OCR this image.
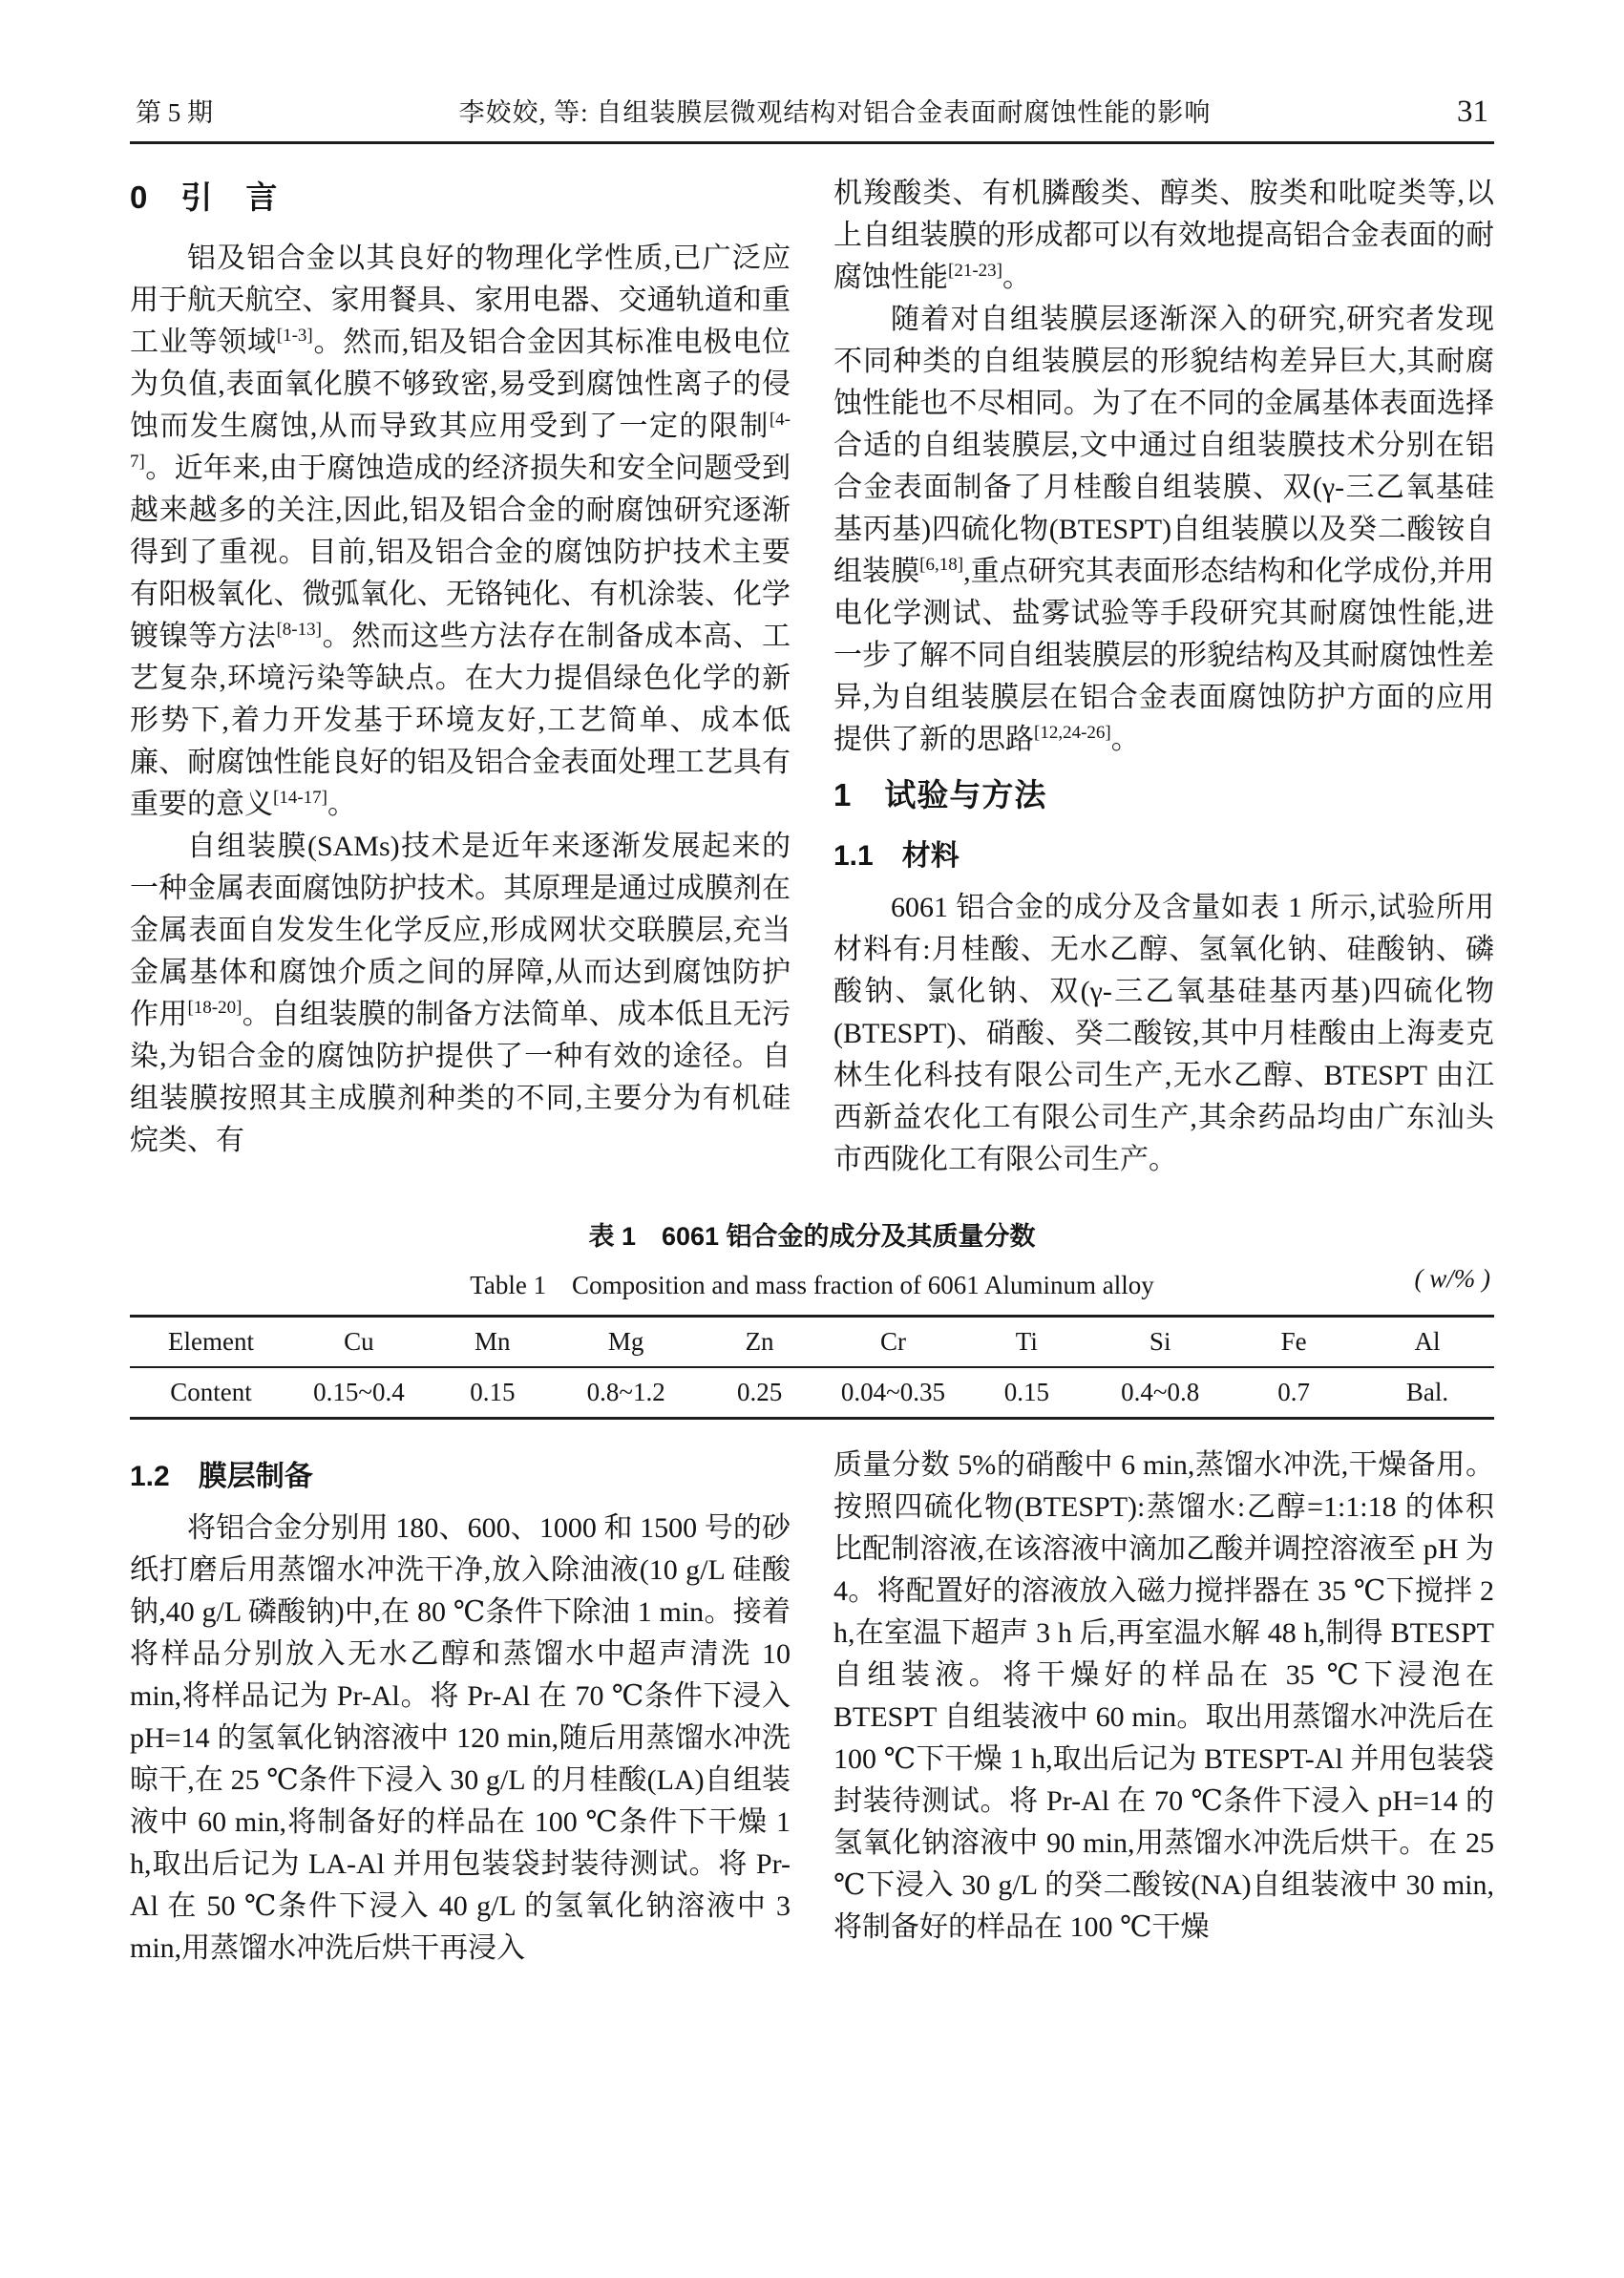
第 5 期	李姣姣, 等: 自组装膜层微观结构对铝合金表面耐腐蚀性能的影响	31
0　引　言

铝及铝合金以其良好的物理化学性质,已广泛应用于航天航空、家用餐具、家用电器、交通轨道和重工业等领域[1-3]。然而,铝及铝合金因其标准电极电位为负值,表面氧化膜不够致密,易受到腐蚀性离子的侵蚀而发生腐蚀,从而导致其应用受到了一定的限制[4-7]。近年来,由于腐蚀造成的经济损失和安全问题受到越来越多的关注,因此,铝及铝合金的耐腐蚀研究逐渐得到了重视。目前,铝及铝合金的腐蚀防护技术主要有阳极氧化、微弧氧化、无铬钝化、有机涂装、化学镀镍等方法[8-13]。然而这些方法存在制备成本高、工艺复杂,环境污染等缺点。在大力提倡绿色化学的新形势下,着力开发基于环境友好,工艺简单、成本低廉、耐腐蚀性能良好的铝及铝合金表面处理工艺具有重要的意义[14-17]。

自组装膜(SAMs)技术是近年来逐渐发展起来的一种金属表面腐蚀防护技术。其原理是通过成膜剂在金属表面自发发生化学反应,形成网状交联膜层,充当金属基体和腐蚀介质之间的屏障,从而达到腐蚀防护作用[18-20]。自组装膜的制备方法简单、成本低且无污染,为铝合金的腐蚀防护提供了一种有效的途径。自组装膜按照其主成膜剂种类的不同,主要分为有机硅烷类、有

机羧酸类、有机膦酸类、醇类、胺类和吡啶类等,以上自组装膜的形成都可以有效地提高铝合金表面的耐腐蚀性能[21-23]。

随着对自组装膜层逐渐深入的研究,研究者发现不同种类的自组装膜层的形貌结构差异巨大,其耐腐蚀性能也不尽相同。为了在不同的金属基体表面选择合适的自组装膜层,文中通过自组装膜技术分别在铝合金表面制备了月桂酸自组装膜、双(γ-三乙氧基硅基丙基)四硫化物(BTESPT)自组装膜以及癸二酸铵自组装膜[6,18],重点研究其表面形态结构和化学成份,并用电化学测试、盐雾试验等手段研究其耐腐蚀性能,进一步了解不同自组装膜层的形貌结构及其耐腐蚀性差异,为自组装膜层在铝合金表面腐蚀防护方面的应用提供了新的思路[12,24-26]。

1　试验与方法
1.1　材料

6061 铝合金的成分及含量如表 1 所示,试验所用材料有:月桂酸、无水乙醇、氢氧化钠、硅酸钠、磷酸钠、氯化钠、双(γ-三乙氧基硅基丙基)四硫化物(BTESPT)、硝酸、癸二酸铵,其中月桂酸由上海麦克林生化科技有限公司生产,无水乙醇、BTESPT 由江西新益农化工有限公司生产,其余药品均由广东汕头市西陇化工有限公司生产。

表 1　6061 铝合金的成分及其质量分数
Table 1　Composition and mass fraction of 6061 Aluminum alloy	( w/% )
Element	Cu	Mn	Mg	Zn	Cr	Ti	Si	Fe	Al
Content	0.15~0.4	0.15	0.8~1.2	0.25	0.04~0.35	0.15	0.4~0.8	0.7	Bal.
1.2　膜层制备

将铝合金分别用 180、600、1000 和 1500 号的砂纸打磨后用蒸馏水冲洗干净,放入除油液(10 g/L 硅酸钠,40 g/L 磷酸钠)中,在 80 ℃条件下除油 1 min。接着将样品分别放入无水乙醇和蒸馏水中超声清洗 10 min,将样品记为 Pr-Al。将 Pr-Al 在 70 ℃条件下浸入 pH=14 的氢氧化钠溶液中 120 min,随后用蒸馏水冲洗晾干,在 25 ℃条件下浸入 30 g/L 的月桂酸(LA)自组装液中 60 min,将制备好的样品在 100 ℃条件下干燥 1 h,取出后记为 LA-Al 并用包装袋封装待测试。将 Pr-Al 在 50 ℃条件下浸入 40 g/L 的氢氧化钠溶液中 3 min,用蒸馏水冲洗后烘干再浸入

质量分数 5%的硝酸中 6 min,蒸馏水冲洗,干燥备用。按照四硫化物(BTESPT):蒸馏水:乙醇=1:1:18 的体积比配制溶液,在该溶液中滴加乙酸并调控溶液至 pH 为 4。将配置好的溶液放入磁力搅拌器在 35 ℃下搅拌 2 h,在室温下超声 3 h 后,再室温水解 48 h,制得 BTESPT 自组装液。将干燥好的样品在 35 ℃下浸泡在 BTESPT 自组装液中 60 min。取出用蒸馏水冲洗后在 100 ℃下干燥 1 h,取出后记为 BTESPT-Al 并用包装袋封装待测试。将 Pr-Al 在 70 ℃条件下浸入 pH=14 的氢氧化钠溶液中 90 min,用蒸馏水冲洗后烘干。在 25 ℃下浸入 30 g/L 的癸二酸铵(NA)自组装液中 30 min,将制备好的样品在 100 ℃干燥
